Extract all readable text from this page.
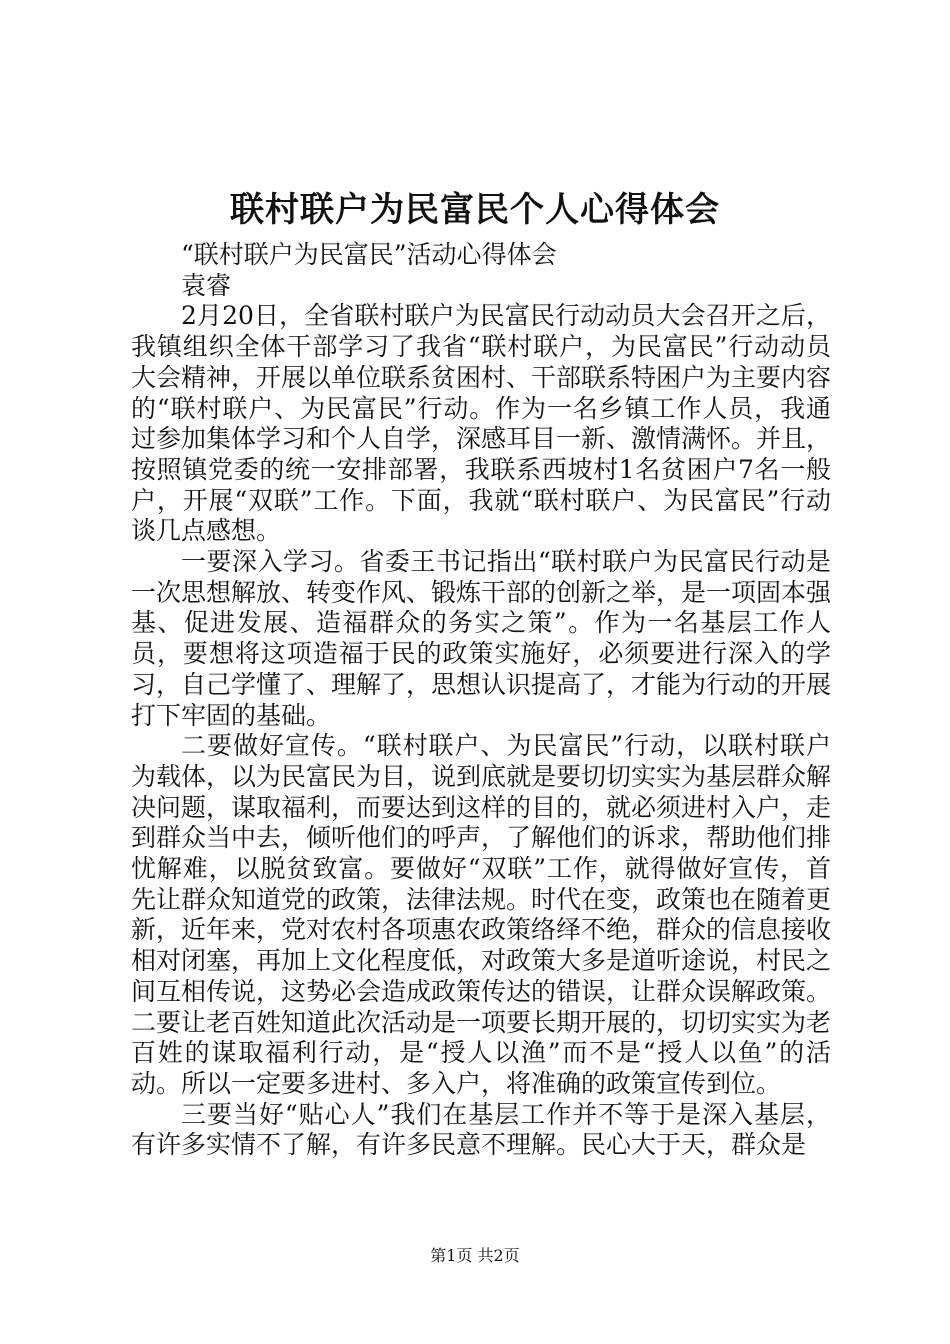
联村联户为民富民个人心得体会

“联村联户为民富民”活动心得体会

袁睿

2月20日，全省联村联户为民富民行动动员大会召开之后，我镇组织全体干部学习了我省“联村联户，为民富民”行动动员大会精神，开展以单位联系贫困村、干部联系特困户为主要内容的“联村联户、为民富民”行动。作为一名乡镇工作人员，我通过参加集体学习和个人自学，深感耳目一新、激情满怀。并且，按照镇党委的统一安排部署，我联系西坡村1名贫困户7名一般户，开展“双联”工作。下面，我就“联村联户、为民富民”行动谈几点感想。

一要深入学习。省委王书记指出“联村联户为民富民行动是一次思想解放、转变作风、锻炼干部的创新之举，是一项固本强基、促进发展、造福群众的务实之策”。作为一名基层工作人员，要想将这项造福于民的政策实施好，必须要进行深入的学习，自己学懂了、理解了，思想认识提高了，才能为行动的开展打下牢固的基础。

二要做好宣传。“联村联户、为民富民”行动，以联村联户为载体，以为民富民为目，说到底就是要切切实实为基层群众解决问题，谋取福利，而要达到这样的目的，就必须进村入户，走到群众当中去，倾听他们的呼声，了解他们的诉求，帮助他们排忧解难，以脱贫致富。要做好“双联”工作，就得做好宣传，首先让群众知道党的政策，法律法规。时代在变，政策也在随着更新，近年来，党对农村各项惠农政策络绎不绝，群众的信息接收相对闭塞，再加上文化程度低，对政策大多是道听途说，村民之间互相传说，这势必会造成政策传达的错误，让群众误解政策。二要让老百姓知道此次活动是一项要长期开展的，切切实实为老百姓的谋取福利行动，是“授人以渔”而不是“授人以鱼”的活动。所以一定要多进村、多入户，将准确的政策宣传到位。

三要当好“贴心人”我们在基层工作并不等于是深入基层，有许多实情不了解，有许多民意不理解。民心大于天，群众是

第1页 共2页
